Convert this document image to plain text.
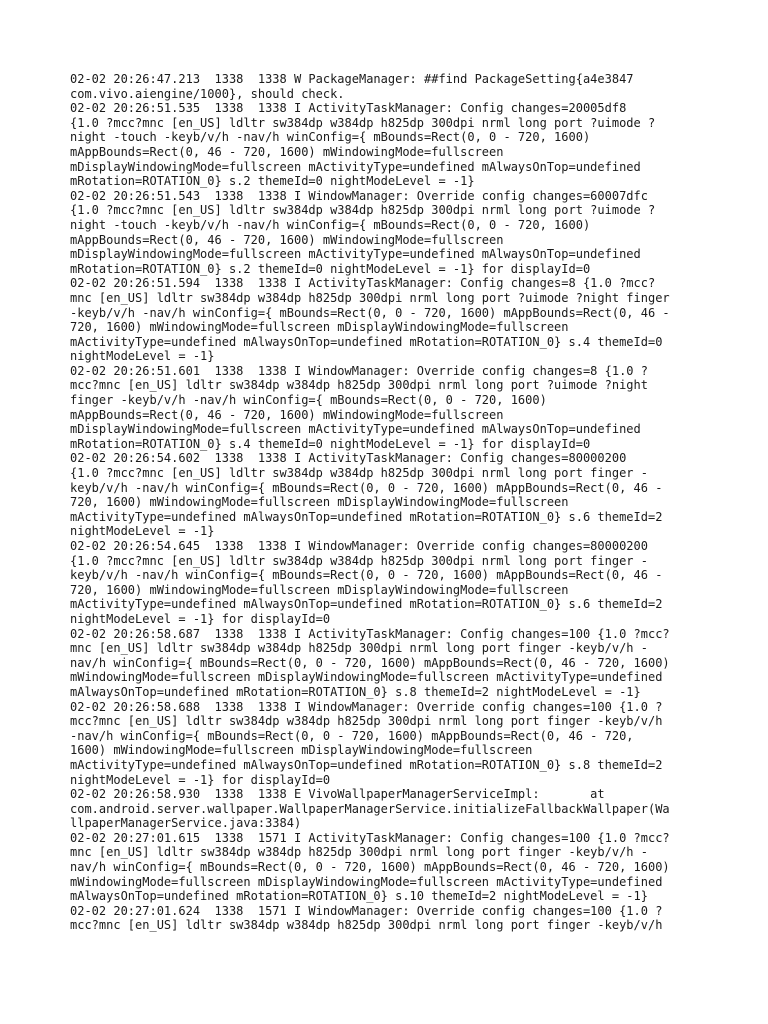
02-02 20:26:47.213  1338  1338 W PackageManager: ##find PackageSetting{a4e3847
com.vivo.aiengine/1000}, should check.
02-02 20:26:51.535  1338  1338 I ActivityTaskManager: Config changes=20005df8
{1.0 ?mcc?mnc [en_US] ldltr sw384dp w384dp h825dp 300dpi nrml long port ?uimode ?
night -touch -keyb/v/h -nav/h winConfig={ mBounds=Rect(0, 0 - 720, 1600)
mAppBounds=Rect(0, 46 - 720, 1600) mWindowingMode=fullscreen
mDisplayWindowingMode=fullscreen mActivityType=undefined mAlwaysOnTop=undefined
mRotation=ROTATION_0} s.2 themeId=0 nightModeLevel = -1}
02-02 20:26:51.543  1338  1338 I WindowManager: Override config changes=60007dfc
{1.0 ?mcc?mnc [en_US] ldltr sw384dp w384dp h825dp 300dpi nrml long port ?uimode ?
night -touch -keyb/v/h -nav/h winConfig={ mBounds=Rect(0, 0 - 720, 1600)
mAppBounds=Rect(0, 46 - 720, 1600) mWindowingMode=fullscreen
mDisplayWindowingMode=fullscreen mActivityType=undefined mAlwaysOnTop=undefined
mRotation=ROTATION_0} s.2 themeId=0 nightModeLevel = -1} for displayId=0
02-02 20:26:51.594  1338  1338 I ActivityTaskManager: Config changes=8 {1.0 ?mcc?
mnc [en_US] ldltr sw384dp w384dp h825dp 300dpi nrml long port ?uimode ?night finger
-keyb/v/h -nav/h winConfig={ mBounds=Rect(0, 0 - 720, 1600) mAppBounds=Rect(0, 46 -
720, 1600) mWindowingMode=fullscreen mDisplayWindowingMode=fullscreen
mActivityType=undefined mAlwaysOnTop=undefined mRotation=ROTATION_0} s.4 themeId=0
nightModeLevel = -1}
02-02 20:26:51.601  1338  1338 I WindowManager: Override config changes=8 {1.0 ?
mcc?mnc [en_US] ldltr sw384dp w384dp h825dp 300dpi nrml long port ?uimode ?night
finger -keyb/v/h -nav/h winConfig={ mBounds=Rect(0, 0 - 720, 1600)
mAppBounds=Rect(0, 46 - 720, 1600) mWindowingMode=fullscreen
mDisplayWindowingMode=fullscreen mActivityType=undefined mAlwaysOnTop=undefined
mRotation=ROTATION_0} s.4 themeId=0 nightModeLevel = -1} for displayId=0
02-02 20:26:54.602  1338  1338 I ActivityTaskManager: Config changes=80000200
{1.0 ?mcc?mnc [en_US] ldltr sw384dp w384dp h825dp 300dpi nrml long port finger -
keyb/v/h -nav/h winConfig={ mBounds=Rect(0, 0 - 720, 1600) mAppBounds=Rect(0, 46 -
720, 1600) mWindowingMode=fullscreen mDisplayWindowingMode=fullscreen
mActivityType=undefined mAlwaysOnTop=undefined mRotation=ROTATION_0} s.6 themeId=2
nightModeLevel = -1}
02-02 20:26:54.645  1338  1338 I WindowManager: Override config changes=80000200
{1.0 ?mcc?mnc [en_US] ldltr sw384dp w384dp h825dp 300dpi nrml long port finger -
keyb/v/h -nav/h winConfig={ mBounds=Rect(0, 0 - 720, 1600) mAppBounds=Rect(0, 46 -
720, 1600) mWindowingMode=fullscreen mDisplayWindowingMode=fullscreen
mActivityType=undefined mAlwaysOnTop=undefined mRotation=ROTATION_0} s.6 themeId=2
nightModeLevel = -1} for displayId=0
02-02 20:26:58.687  1338  1338 I ActivityTaskManager: Config changes=100 {1.0 ?mcc?
mnc [en_US] ldltr sw384dp w384dp h825dp 300dpi nrml long port finger -keyb/v/h -
nav/h winConfig={ mBounds=Rect(0, 0 - 720, 1600) mAppBounds=Rect(0, 46 - 720, 1600)
mWindowingMode=fullscreen mDisplayWindowingMode=fullscreen mActivityType=undefined
mAlwaysOnTop=undefined mRotation=ROTATION_0} s.8 themeId=2 nightModeLevel = -1}
02-02 20:26:58.688  1338  1338 I WindowManager: Override config changes=100 {1.0 ?
mcc?mnc [en_US] ldltr sw384dp w384dp h825dp 300dpi nrml long port finger -keyb/v/h
-nav/h winConfig={ mBounds=Rect(0, 0 - 720, 1600) mAppBounds=Rect(0, 46 - 720,
1600) mWindowingMode=fullscreen mDisplayWindowingMode=fullscreen
mActivityType=undefined mAlwaysOnTop=undefined mRotation=ROTATION_0} s.8 themeId=2
nightModeLevel = -1} for displayId=0
02-02 20:26:58.930  1338  1338 E VivoWallpaperManagerServiceImpl:	at
com.android.server.wallpaper.WallpaperManagerService.initializeFallbackWallpaper(Wa
llpaperManagerService.java:3384)
02-02 20:27:01.615  1338  1571 I ActivityTaskManager: Config changes=100 {1.0 ?mcc?
mnc [en_US] ldltr sw384dp w384dp h825dp 300dpi nrml long port finger -keyb/v/h -
nav/h winConfig={ mBounds=Rect(0, 0 - 720, 1600) mAppBounds=Rect(0, 46 - 720, 1600)
mWindowingMode=fullscreen mDisplayWindowingMode=fullscreen mActivityType=undefined
mAlwaysOnTop=undefined mRotation=ROTATION_0} s.10 themeId=2 nightModeLevel = -1}
02-02 20:27:01.624  1338  1571 I WindowManager: Override config changes=100 {1.0 ?
mcc?mnc [en_US] ldltr sw384dp w384dp h825dp 300dpi nrml long port finger -keyb/v/h
